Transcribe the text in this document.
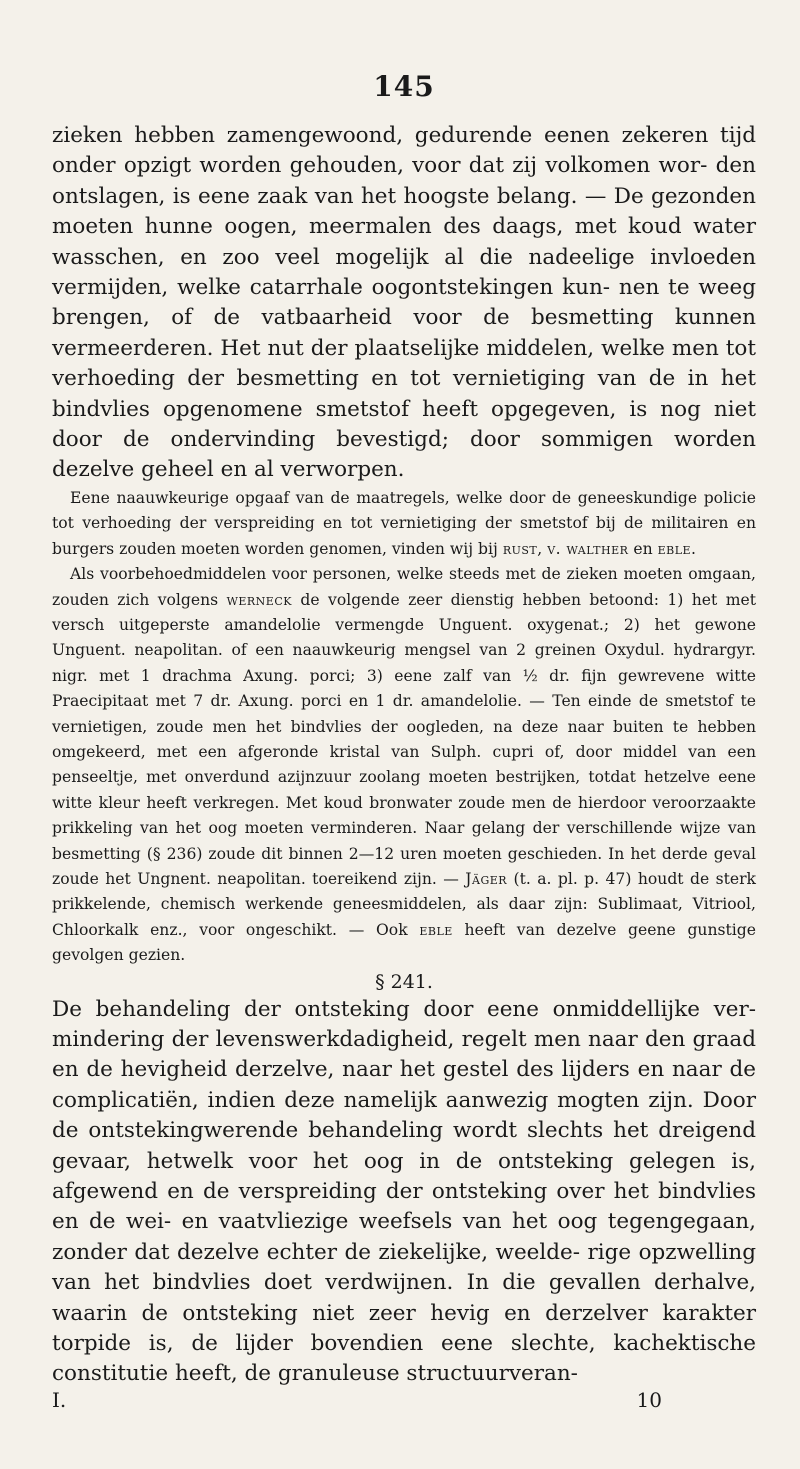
145

zieken hebben zamengewoond, gedurende eenen zekeren tijd onder opzigt worden gehouden, voor dat zij volkomen wor- den ontslagen, is eene zaak van het hoogste belang. — De gezonden moeten hunne oogen, meermalen des daags, met koud water wasschen, en zoo veel mogelijk al die nadeelige invloeden vermijden, welke catarrhale oogontstekingen kun- nen te weeg brengen, of de vatbaarheid voor de besmetting kunnen vermeerderen. Het nut der plaatselijke middelen, welke men tot verhoeding der besmetting en tot vernietiging van de in het bindvlies opgenomene smetstof heeft opgegeven, is nog niet door de ondervinding bevestigd; door sommigen worden dezelve geheel en al verworpen.

Eene naauwkeurige opgaaf van de maatregels, welke door de geneeskundige policie tot verhoeding der verspreiding en tot vernietiging der smetstof bij de militairen en burgers zouden moeten worden genomen, vinden wij bij rust, v. walther en eble.

Als voorbehoedmiddelen voor personen, welke steeds met de zieken moeten omgaan, zouden zich volgens werneck de volgende zeer dienstig hebben betoond: 1) het met versch uitgeperste amandelolie vermengde Unguent. oxygenat.; 2) het gewone Unguent. neapolitan. of een naauwkeurig mengsel van 2 greinen Oxydul. hydrargyr. nigr. met 1 drachma Axung. porci; 3) eene zalf van ½ dr. fijn gewrevene witte Praecipitaat met 7 dr. Axung. porci en 1 dr. amandelolie. — Ten einde de smetstof te vernietigen, zoude men het bindvlies der oogleden, na deze naar buiten te hebben omgekeerd, met een afgeronde kristal van Sulph. cupri of, door middel van een penseeltje, met onverdund azijnzuur zoolang moeten bestrijken, totdat hetzelve eene witte kleur heeft verkregen. Met koud bronwater zoude men de hierdoor veroorzaakte prikkeling van het oog moeten verminderen. Naar gelang der verschillende wijze van besmetting (§ 236) zoude dit binnen 2—12 uren moeten geschieden. In het derde geval zoude het Ungnent. neapolitan. toereikend zijn. — Jäger (t. a. pl. p. 47) houdt de sterk prikkelende, chemisch werkende geneesmiddelen, als daar zijn: Sublimaat, Vitriool, Chloorkalk enz., voor ongeschikt. — Ook eble heeft van dezelve geene gunstige gevolgen gezien.

§ 241.

De behandeling der ontsteking door eene onmiddellijke ver- mindering der levenswerkdadigheid, regelt men naar den graad en de hevigheid derzelve, naar het gestel des lijders en naar de complicatiën, indien deze namelijk aanwezig mogten zijn. Door de ontstekingwerende behandeling wordt slechts het dreigend gevaar, hetwelk voor het oog in de ontsteking gelegen is, afgewend en de verspreiding der ontsteking over het bindvlies en de wei- en vaatvliezige weefsels van het oog tegengegaan, zonder dat dezelve echter de ziekelijke, weelde- rige opzwelling van het bindvlies doet verdwijnen. In die gevallen derhalve, waarin de ontsteking niet zeer hevig en derzelver karakter torpide is, de lijder bovendien eene slechte, kachektische constitutie heeft, de granuleuse structuurveran-

I.	10
